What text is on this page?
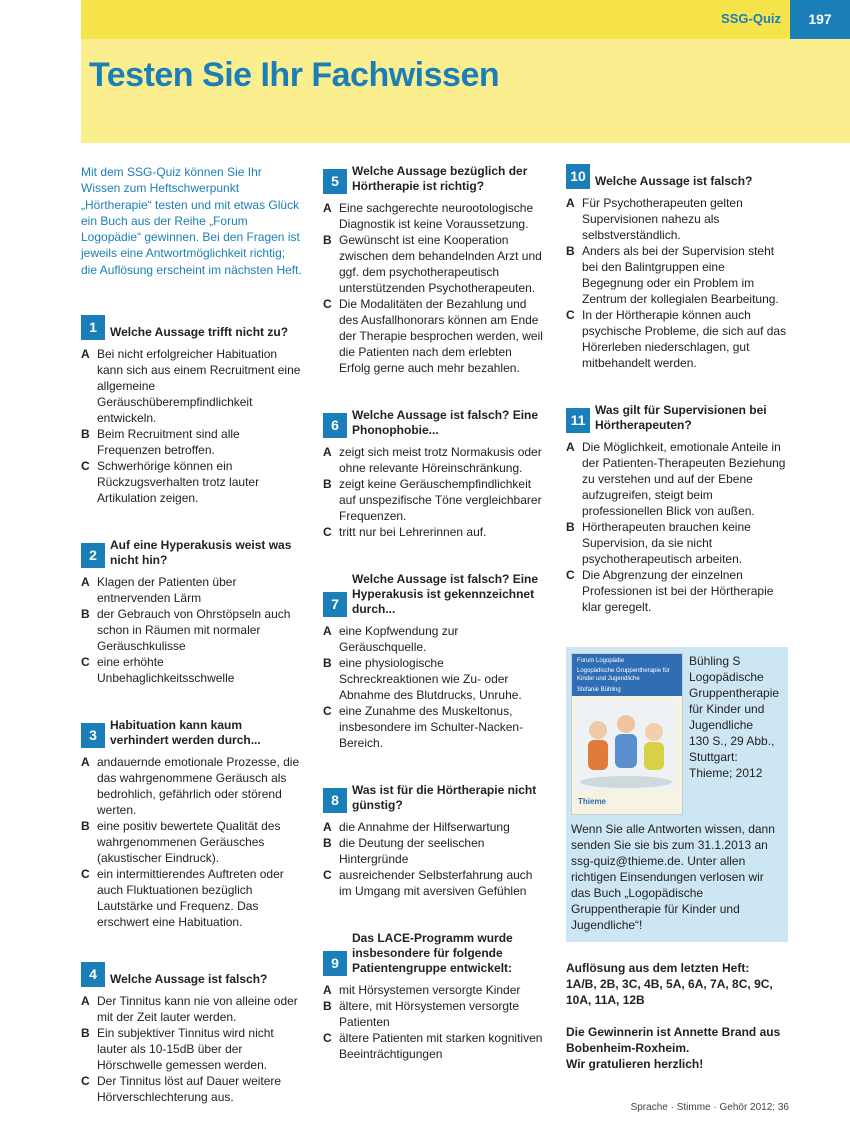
SSG-Quiz	197
Testen Sie Ihr Fachwissen
Mit dem SSG-Quiz können Sie Ihr Wissen zum Heftschwerpunkt „Hörtherapie“ testen und mit etwas Glück ein Buch aus der Reihe „Forum Logopädie“ gewinnen. Bei den Fragen ist jeweils eine Antwortmöglichkeit richtig; die Auflösung erscheint im nächsten Heft.
1	Welche Aussage trifft nicht zu?
A Bei nicht erfolgreicher Habituation kann sich aus einem Recruitment eine allgemeine Geräuschüberempfindlichkeit entwickeln.
B Beim Recruitment sind alle Frequenzen betroffen.
C Schwerhörige können ein Rückzugsverhalten trotz lauter Artikulation zeigen.
2
Auf eine Hyperakusis weist was nicht hin?
A Klagen der Patienten über entnervenden Lärm
B der Gebrauch von Ohrstöpseln auch schon in Räumen mit normaler Geräuschkulisse
C eine erhöhte Unbehaglichkeitsschwelle
3
Habituation kann kaum verhindert werden durch...
A andauernde emotionale Prozesse, die das wahrgenommene Geräusch als bedrohlich, gefährlich oder störend werten.
B eine positiv bewertete Qualität des wahrgenommenen Geräusches (akustischer Eindruck).
C ein intermittierendes Auftreten oder auch Fluktuationen bezüglich Lautstärke und Frequenz. Das erschwert eine Habituation.
4	Welche Aussage ist falsch?
A Der Tinnitus kann nie von alleine oder mit der Zeit lauter werden.
B Ein subjektiver Tinnitus wird nicht lauter als 10-15dB über der Hörschwelle gemessen werden.
C Der Tinnitus löst auf Dauer weitere Hörverschlechterung aus.
5
Welche Aussage bezüglich der Hörtherapie ist richtig?
A Eine sachgerechte neurootologische Diagnostik ist keine Voraussetzung.
B Gewünscht ist eine Kooperation zwischen dem behandelnden Arzt und ggf. dem psychotherapeutisch unterstützenden Psychotherapeuten.
C Die Modalitäten der Bezahlung und des Ausfallhonorars können am Ende der Therapie besprochen werden, weil die Patienten nach dem erlebten Erfolg gerne auch mehr bezahlen.
6
Welche Aussage ist falsch? Eine Phonophobie...
A zeigt sich meist trotz Normakusis oder ohne relevante Höreinschränkung.
B zeigt keine Geräuschempfindlichkeit auf unspezifische Töne vergleichbarer Frequenzen.
C tritt nur bei Lehrerinnen auf.
7
Welche Aussage ist falsch? Eine Hyperakusis ist gekennzeichnet durch...
A eine Kopfwendung zur Geräuschquelle.
B eine physiologische Schreckreaktionen wie Zu- oder Abnahme des Blutdrucks, Unruhe.
C eine Zunahme des Muskeltonus, insbesondere im Schulter-Nacken-Bereich.
8
Was ist für die Hörtherapie nicht günstig?
A die Annahme der Hilfserwartung
B die Deutung der seelischen Hintergründe
C ausreichender Selbsterfahrung auch im Umgang mit aversiven Gefühlen
9
Das LACE-Programm wurde insbesondere für folgende Patientengruppe entwickelt:
A mit Hörsystemen versorgte Kinder
B ältere, mit Hörsystemen versorgte Patienten
C ältere Patienten mit starken kognitiven Beeinträchtigungen
10 Welche Aussage ist falsch?
A Für Psychotherapeuten gelten Supervisionen nahezu als selbstverständlich.
B Anders als bei der Supervision steht bei den Balintgruppen eine Begegnung oder ein Problem im Zentrum der kollegialen Bearbeitung.
C In der Hörtherapie können auch psychische Probleme, die sich auf das Hörerleben niederschlagen, gut mitbehandelt werden.
11
Was gilt für Supervisionen bei Hörtherapeuten?
A Die Möglichkeit, emotionale Anteile in der Patienten-Therapeuten Beziehung zu verstehen und auf der Ebene aufzugreifen, steigt beim professionellen Blick von außen.
B Hörtherapeuten brauchen keine Supervision, da sie nicht psychotherapeutisch arbeiten.
C Die Abgrenzung der einzelnen Professionen ist bei der Hörtherapie klar geregelt.
Forum Logopädie
Logopädische Gruppentherapie für Kinder und Jugendliche
Stefanie Bühling
Thieme
Bühling S
Logopädische Gruppentherapie für Kinder und Jugendliche
130 S., 29 Abb., Stuttgart: Thieme; 2012
Wenn Sie alle Antworten wissen, dann senden Sie sie bis zum 31.1.2013 an ssg-quiz@thieme.de. Unter allen richtigen Einsendungen verlosen wir das Buch „Logopädische Gruppentherapie für Kinder und Jugendliche“!
Auflösung aus dem letzten Heft:
1A/B, 2B, 3C, 4B, 5A, 6A, 7A, 8C, 9C, 10A, 11A, 12B
Die Gewinnerin ist Annette Brand aus Bobenheim-Roxheim.
Wir gratulieren herzlich!
Sprache · Stimme · Gehör 2012; 36
